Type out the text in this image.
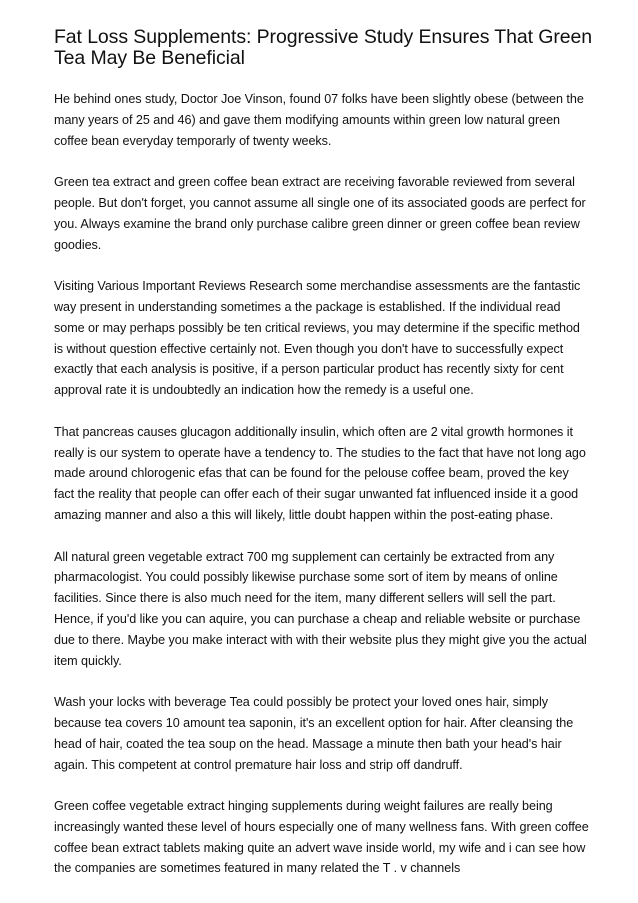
Fat Loss Supplements: Progressive Study Ensures That Green Tea May Be Beneficial

He behind ones study, Doctor Joe Vinson, found 07 folks have been slightly obese (between the many years of 25 and 46) and gave them modifying amounts within green low natural green coffee bean everyday temporarly of twenty weeks.

Green tea extract and green coffee bean extract are receiving favorable reviewed from several people. But don't forget, you cannot assume all single one of its associated goods are perfect for you. Always examine the brand only purchase calibre green dinner or green coffee bean review goodies.

Visiting Various Important Reviews Research some merchandise assessments are the fantastic way present in understanding sometimes a the package is established. If the individual read some or may perhaps possibly be ten critical reviews, you may determine if the specific method is without question effective certainly not. Even though you don't have to successfully expect exactly that each analysis is positive, if a person particular product has recently sixty for cent approval rate it is undoubtedly an indication how the remedy is a useful one.

That pancreas causes glucagon additionally insulin, which often are 2 vital growth hormones it really is our system to operate have a tendency to. The studies to the fact that have not long ago made around chlorogenic efas that can be found for the pelouse coffee beam, proved the key fact the reality that people can offer each of their sugar unwanted fat influenced inside it a good amazing manner and also a this will likely, little doubt happen within the post-eating phase.

All natural green vegetable extract 700 mg supplement can certainly be extracted from any pharmacologist. You could possibly likewise purchase some sort of item by means of online facilities. Since there is also much need for the item, many different sellers will sell the part. Hence, if you'd like you can aquire, you can purchase a cheap and reliable website or purchase due to there. Maybe you make interact with with their website plus they might give you the actual item quickly.

Wash your locks with beverage Tea could possibly be protect your loved ones hair, simply because tea covers 10 amount tea saponin, it's an excellent option for hair. After cleansing the head of hair, coated the tea soup on the head. Massage a minute then bath your head's hair again. This competent at control premature hair loss and strip off dandruff.

Green coffee vegetable extract hinging supplements during weight failures are really being increasingly wanted these level of hours especially one of many wellness fans. With green coffee coffee bean extract tablets making quite an advert wave inside world, my wife and i can see how the companies are sometimes featured in many related the T . v channels
